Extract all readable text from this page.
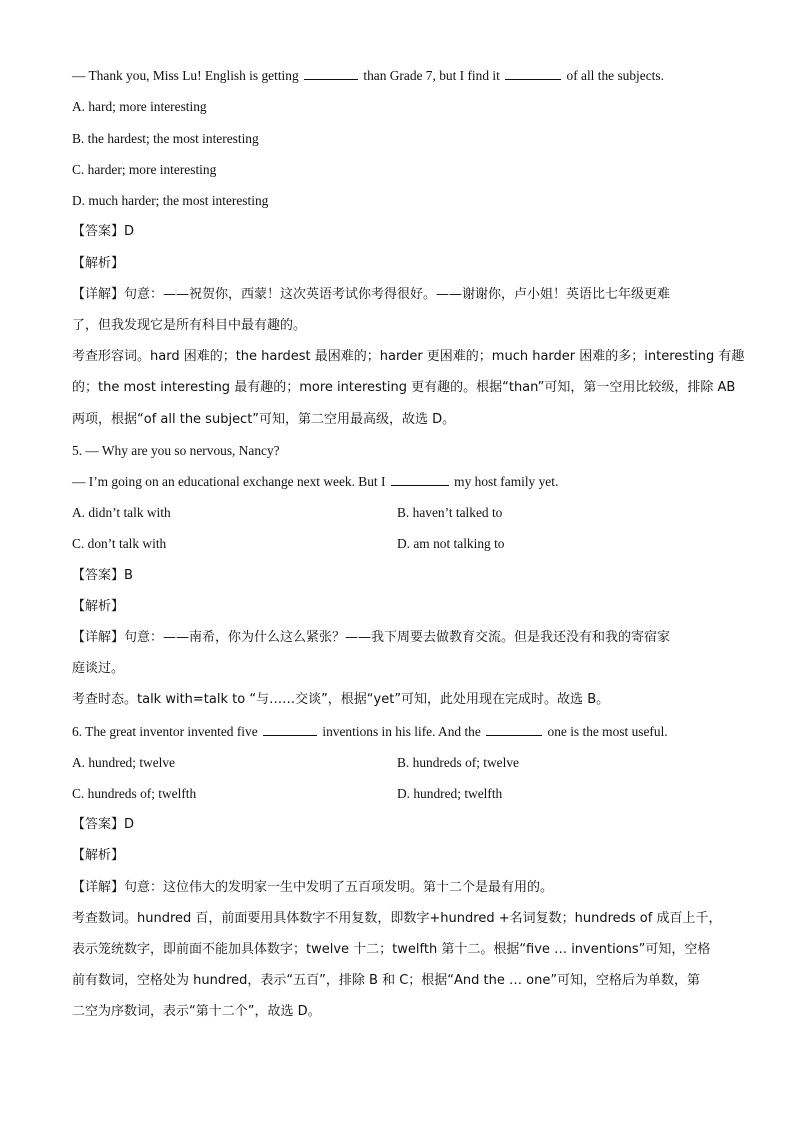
— Thank you, Miss Lu! English is getting	than Grade 7, but I find it	of all the subjects.
A. hard; more interesting
B. the hardest; the most interesting
C. harder; more interesting
D. much harder; the most interesting
【答案】D
【解析】
【详解】句意：——祝贺你，西蒙！这次英语考试你考得很好。——谢谢你，卢小姐！英语比七年级更难
了，但我发现它是所有科目中最有趣的。
考查形容词。hard 困难的；the hardest 最困难的；harder 更困难的；much harder 困难的多；interesting 有趣
的；the most interesting 最有趣的；more interesting 更有趣的。根据“than”可知，第一空用比较级，排除 AB
两项，根据“of all the subject”可知，第二空用最高级，故选 D。
5. — Why are you so nervous, Nancy?
— I’m going on an educational exchange next week. But I	my host family yet.
A. didn’t talk with	B. haven’t talked to
C. don’t talk with	D. am not talking to
【答案】B
【解析】
【详解】句意：——南希，你为什么这么紧张？——我下周要去做教育交流。但是我还没有和我的寄宿家
庭谈过。
考查时态。talk with=talk to “与……交谈”，根据“yet”可知，此处用现在完成时。故选 B。
6. The great inventor invented five	inventions in his life. And the	one is the most useful.
A. hundred; twelve	B. hundreds of; twelve
C. hundreds of; twelfth	D. hundred; twelfth
【答案】D
【解析】
【详解】句意：这位伟大的发明家一生中发明了五百项发明。第十二个是最有用的。
考查数词。hundred 百，前面要用具体数字不用复数，即数字+hundred +名词复数；hundreds of 成百上千，
表示笼统数字，即前面不能加具体数字；twelve 十二；twelfth 第十二。根据“five … inventions”可知，空格
前有数词，空格处为 hundred，表示“五百”，排除 B 和 C；根据“And the … one”可知，空格后为单数，第
二空为序数词，表示“第十二个”，故选 D。
